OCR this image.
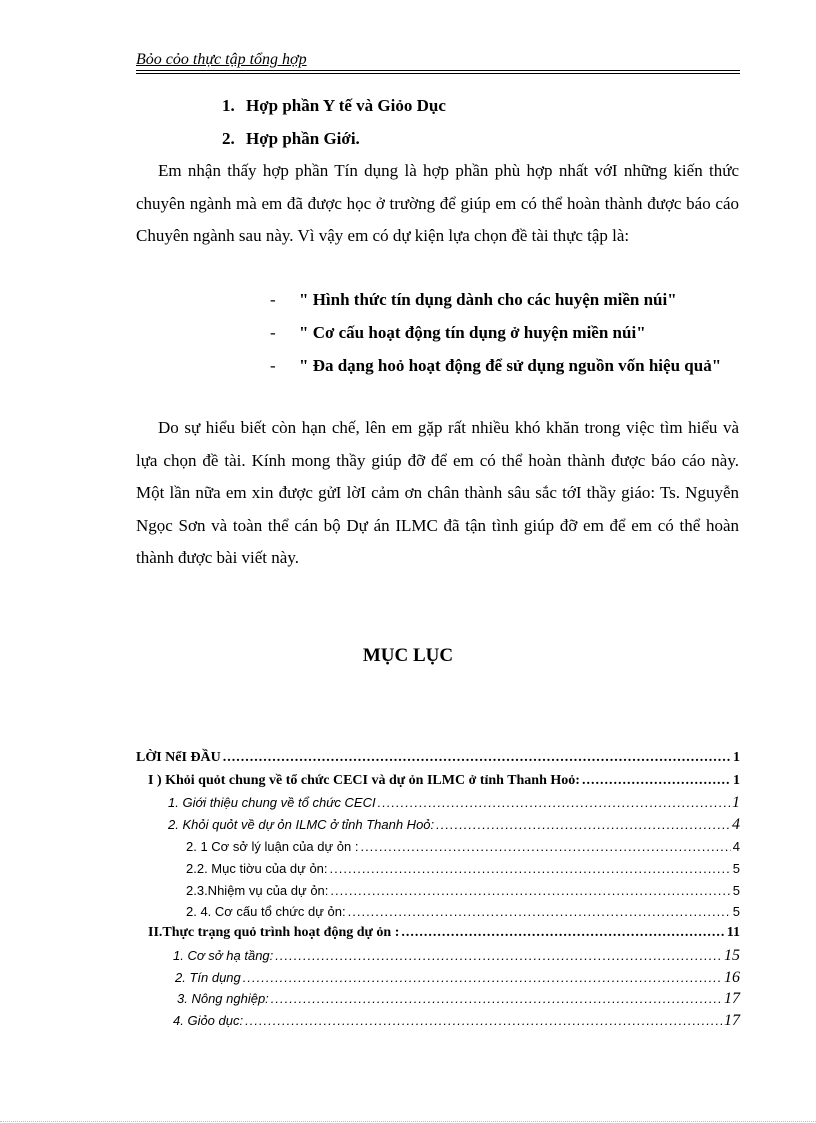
Bỏo cỏo thực tập tổng hợp
1. Hợp phần Y tế và Giỏo Dục
2. Hợp phần Giới.
Em nhận thấy hợp phần Tín dụng là hợp phần phù hợp nhất vớI những kiến thức chuyên ngành mà em đã được học ở trường để giúp em có thể hoàn thành được báo cáo Chuyên ngành sau này. Vì vậy em có dự kiện lựa chọn đề tài thực tập là:
- " Hình thức tín dụng dành cho các huyện miền núi"
- " Cơ cấu hoạt động tín dụng ở huyện miền núi"
- " Đa dạng hoỏ hoạt động để sử dụng nguồn vốn hiệu quả"
Do sự hiểu biết còn hạn chế, lên em gặp rất nhiều khó khăn trong việc tìm hiểu và lựa chọn đề tài. Kính mong thầy giúp đỡ để em có thể hoàn thành được báo cáo này. Một lần nữa em xin được gửI lờI cảm ơn chân thành sâu sắc tớI thầy giáo: Ts. Nguyễn Ngọc Sơn và toàn thể cán bộ Dự án ILMC đã tận tình giúp đỡ em để em có thể hoàn thành được bài viết này.
MỤC LỤC
LỜI NểI ĐẦU .....	1
I ) Khỏi quỏt chung về tổ chức CECI và dự ỏn ILMC ở tỉnh Thanh Hoỏ: .....	1
1. Giới thiệu chung về tổ chức CECI .....	1
2. Khỏi quỏt về dự ỏn ILMC ở tỉnh Thanh Hoỏ: .....	4
2. 1 Cơ sở lý luận của dự ỏn : .....	4
2.2. Mục tiờu của dự ỏn: .....	5
2.3.Nhiệm vụ của dự ỏn: .....	5
2. 4. Cơ cấu tổ chức dự ỏn: .....	5
II.Thực trạng quỏ trình hoạt động dự ỏn : .....	11
1. Cơ sở hạ tầng: .....	15
2. Tín dụng .....	16
3. Nông nghiệp: .....	17
4. Giỏo dục: .....	17
